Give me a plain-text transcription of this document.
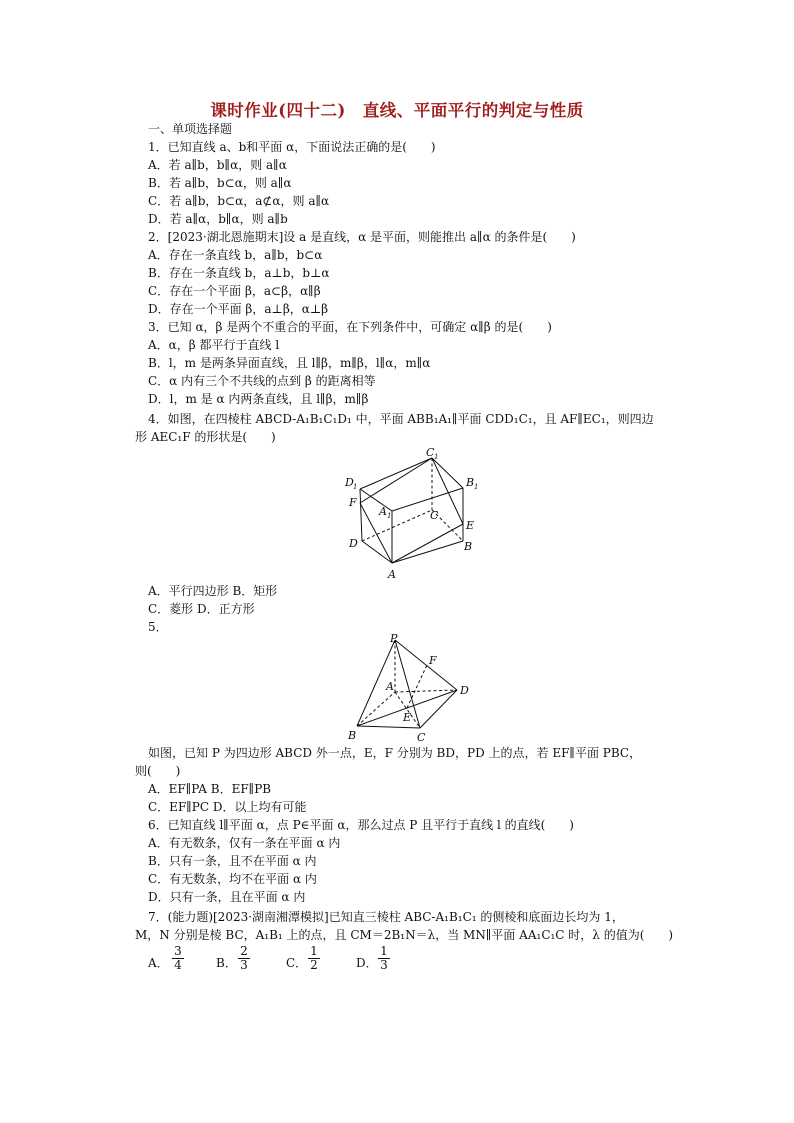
课时作业(四十二)　直线、平面平行的判定与性质
一、单项选择题
1．已知直线 a、b和平面 α，下面说法正确的是(　　)
A．若 a∥b，b∥α，则 a∥α
B．若 a∥b，b⊂α，则 a∥α
C．若 a∥b，b⊂α，a⊄α，则 a∥α
D．若 a∥α，b∥α，则 a∥b
2．[2023·湖北恩施期末]设 a 是直线，α 是平面，则能推出 a∥α 的条件是(　　)
A．存在一条直线 b，a∥b，b⊂α
B．存在一条直线 b，a⊥b，b⊥α
C．存在一个平面 β，a⊂β，α∥β
D．存在一个平面 β，a⊥β，α⊥β
3．已知 α，β 是两个不重合的平面，在下列条件中，可确定 α∥β 的是(　　)
A．α，β 都平行于直线 l
B．l，m 是两条异面直线，且 l∥β，m∥β，l∥α，m∥α
C．α 内有三个不共线的点到 β 的距离相等
D．l，m 是 α 内两条直线，且 l∥β，m∥β
4．如图，在四棱柱 ABCD-A₁B₁C₁D₁ 中，平面 ABB₁A₁∥平面 CDD₁C₁，且 AF∥EC₁，则四边
形 AEC₁F 的形状是(　　)
C 1
D 1	B 1
A 1
F
C
E
D	B
A
A．平行四边形 B．矩形
C．菱形 D．正方形
5．
P
F
A	D
E
B	C
如图，已知 P 为四边形 ABCD 外一点，E，F 分别为 BD，PD 上的点，若 EF∥平面 PBC，
则(　　)
A．EF∥PA B．EF∥PB
C．EF∥PC D．以上均有可能
6．已知直线 l∥平面 α，点 P∈平面 α，那么过点 P 且平行于直线 l 的直线(　　)
A．有无数条，仅有一条在平面 α 内
B．只有一条，且不在平面 α 内
C．有无数条，均不在平面 α 内
D．只有一条，且在平面 α 内
7．(能力题)[2023·湖南湘潭模拟]已知直三棱柱 ABC-A₁B₁C₁ 的侧棱和底面边长均为 1，
M，N 分别是棱 BC，A₁B₁ 上的点，且 CM＝2B₁N＝λ，当 MN∥平面 AA₁C₁C 时，λ 的值为(　　)
A． $\frac{3}{4}$	B． $\frac{2}{3}$	C． $\frac{1}{2}$	D． $\frac{1}{3}$
